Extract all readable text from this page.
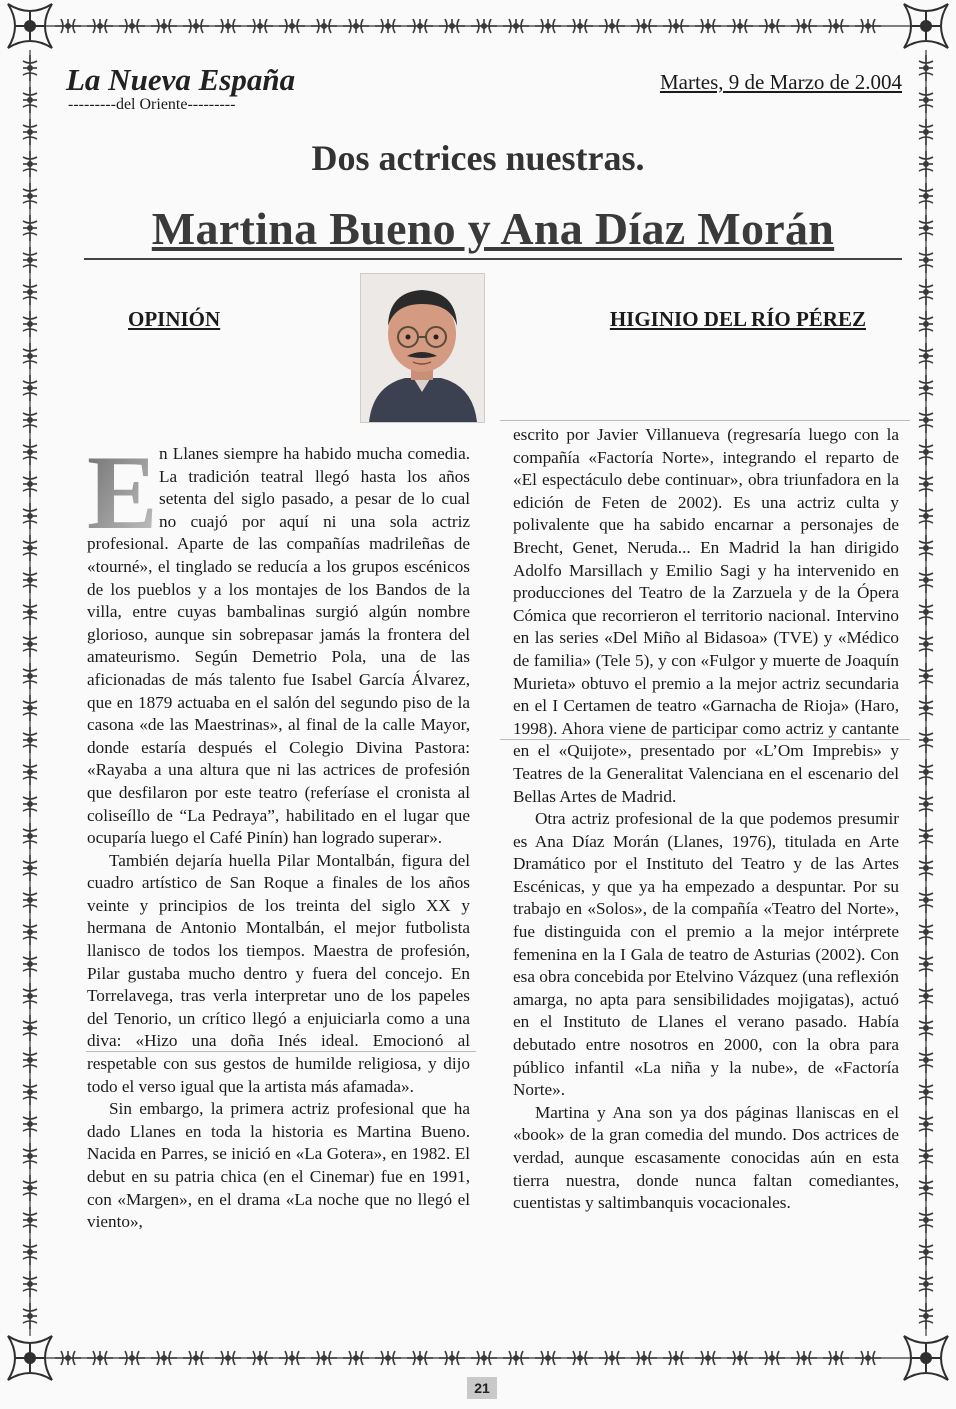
La Nueva España
---------del Oriente---------
Martes, 9 de Marzo de 2.004
Dos actrices nuestras.
Martina Bueno y Ana Díaz Morán
OPINIÓN	HIGINIO DEL RÍO PÉREZ

E n Llanes siempre ha habido mucha comedia. La tradición teatral llegó hasta los años setenta del siglo pasado, a pesar de lo cual no cuajó por aquí ni una sola actriz profesional. Aparte de las compañías madrileñas de «tourné», el tinglado se reducía a los grupos escénicos de los pueblos y a los montajes de los Bandos de la villa, entre cuyas bambalinas surgió algún nombre glorioso, aunque sin sobrepasar jamás la frontera del amateurismo. Según Demetrio Pola, una de las aficionadas de más talento fue Isabel García Álvarez, que en 1879 actuaba en el salón del segundo piso de la casona «de las Maestrinas», al final de la calle Mayor, donde estaría después el Colegio Divina Pastora: «Rayaba a una altura que ni las actrices de profesión que desfilaron por este teatro (referíase el cronista al coliseíllo de “La Pedraya”, habilitado en el lugar que ocuparía luego el Café Pinín) han logrado superar».

También dejaría huella Pilar Montalbán, figura del cuadro artístico de San Roque a finales de los años veinte y principios de los treinta del siglo XX y hermana de Antonio Montalbán, el mejor futbolista llanisco de todos los tiempos. Maestra de profesión, Pilar gustaba mucho dentro y fuera del concejo. En Torrelavega, tras verla interpretar uno de los papeles del Tenorio, un crítico llegó a enjuiciarla como a una diva: «Hizo una doña Inés ideal. Emocionó al respetable con sus gestos de humilde religiosa, y dijo todo el verso igual que la artista más afamada».

Sin embargo, la primera actriz profesional que ha dado Llanes en toda la historia es Martina Bueno. Nacida en Parres, se inició en «La Gotera», en 1982. El debut en su patria chica (en el Cinemar) fue en 1991, con «Margen», en el drama «La noche que no llegó el viento»,

escrito por Javier Villanueva (regresaría luego con la compañía «Factoría Norte», integrando el reparto de «El espectáculo debe continuar», obra triunfadora en la edición de Feten de 2002). Es una actriz culta y polivalente que ha sabido encarnar a personajes de Brecht, Genet, Neruda... En Madrid la han dirigido Adolfo Marsillach y Emilio Sagi y ha intervenido en producciones del Teatro de la Zarzuela y de la Ópera Cómica que recorrieron el territorio nacional. Intervino en las series «Del Miño al Bidasoa» (TVE) y «Médico de familia» (Tele 5), y con «Fulgor y muerte de Joaquín Murieta» obtuvo el premio a la mejor actriz secundaria en el I Certamen de teatro «Garnacha de Rioja» (Haro, 1998). Ahora viene de participar como actriz y cantante en el «Quijote», presentado por «L’Om Imprebis» y Teatres de la Generalitat Valenciana en el escenario del Bellas Artes de Madrid.

Otra actriz profesional de la que podemos presumir es Ana Díaz Morán (Llanes, 1976), titulada en Arte Dramático por el Instituto del Teatro y de las Artes Escénicas, y que ya ha empezado a despuntar. Por su trabajo en «Solos», de la compañía «Teatro del Norte», fue distinguida con el premio a la mejor intérprete femenina en la I Gala de teatro de Asturias (2002). Con esa obra concebida por Etelvino Vázquez (una reflexión amarga, no apta para sensibilidades mojigatas), actuó en el Instituto de Llanes el verano pasado. Había debutado entre nosotros en 2000, con la obra para público infantil «La niña y la nube», de «Factoría Norte».

Martina y Ana son ya dos páginas llaniscas en el «book» de la gran comedia del mundo. Dos actrices de verdad, aunque escasamente conocidas aún en esta tierra nuestra, donde nunca faltan comediantes, cuentistas y saltimbanquis vocacionales.

21
